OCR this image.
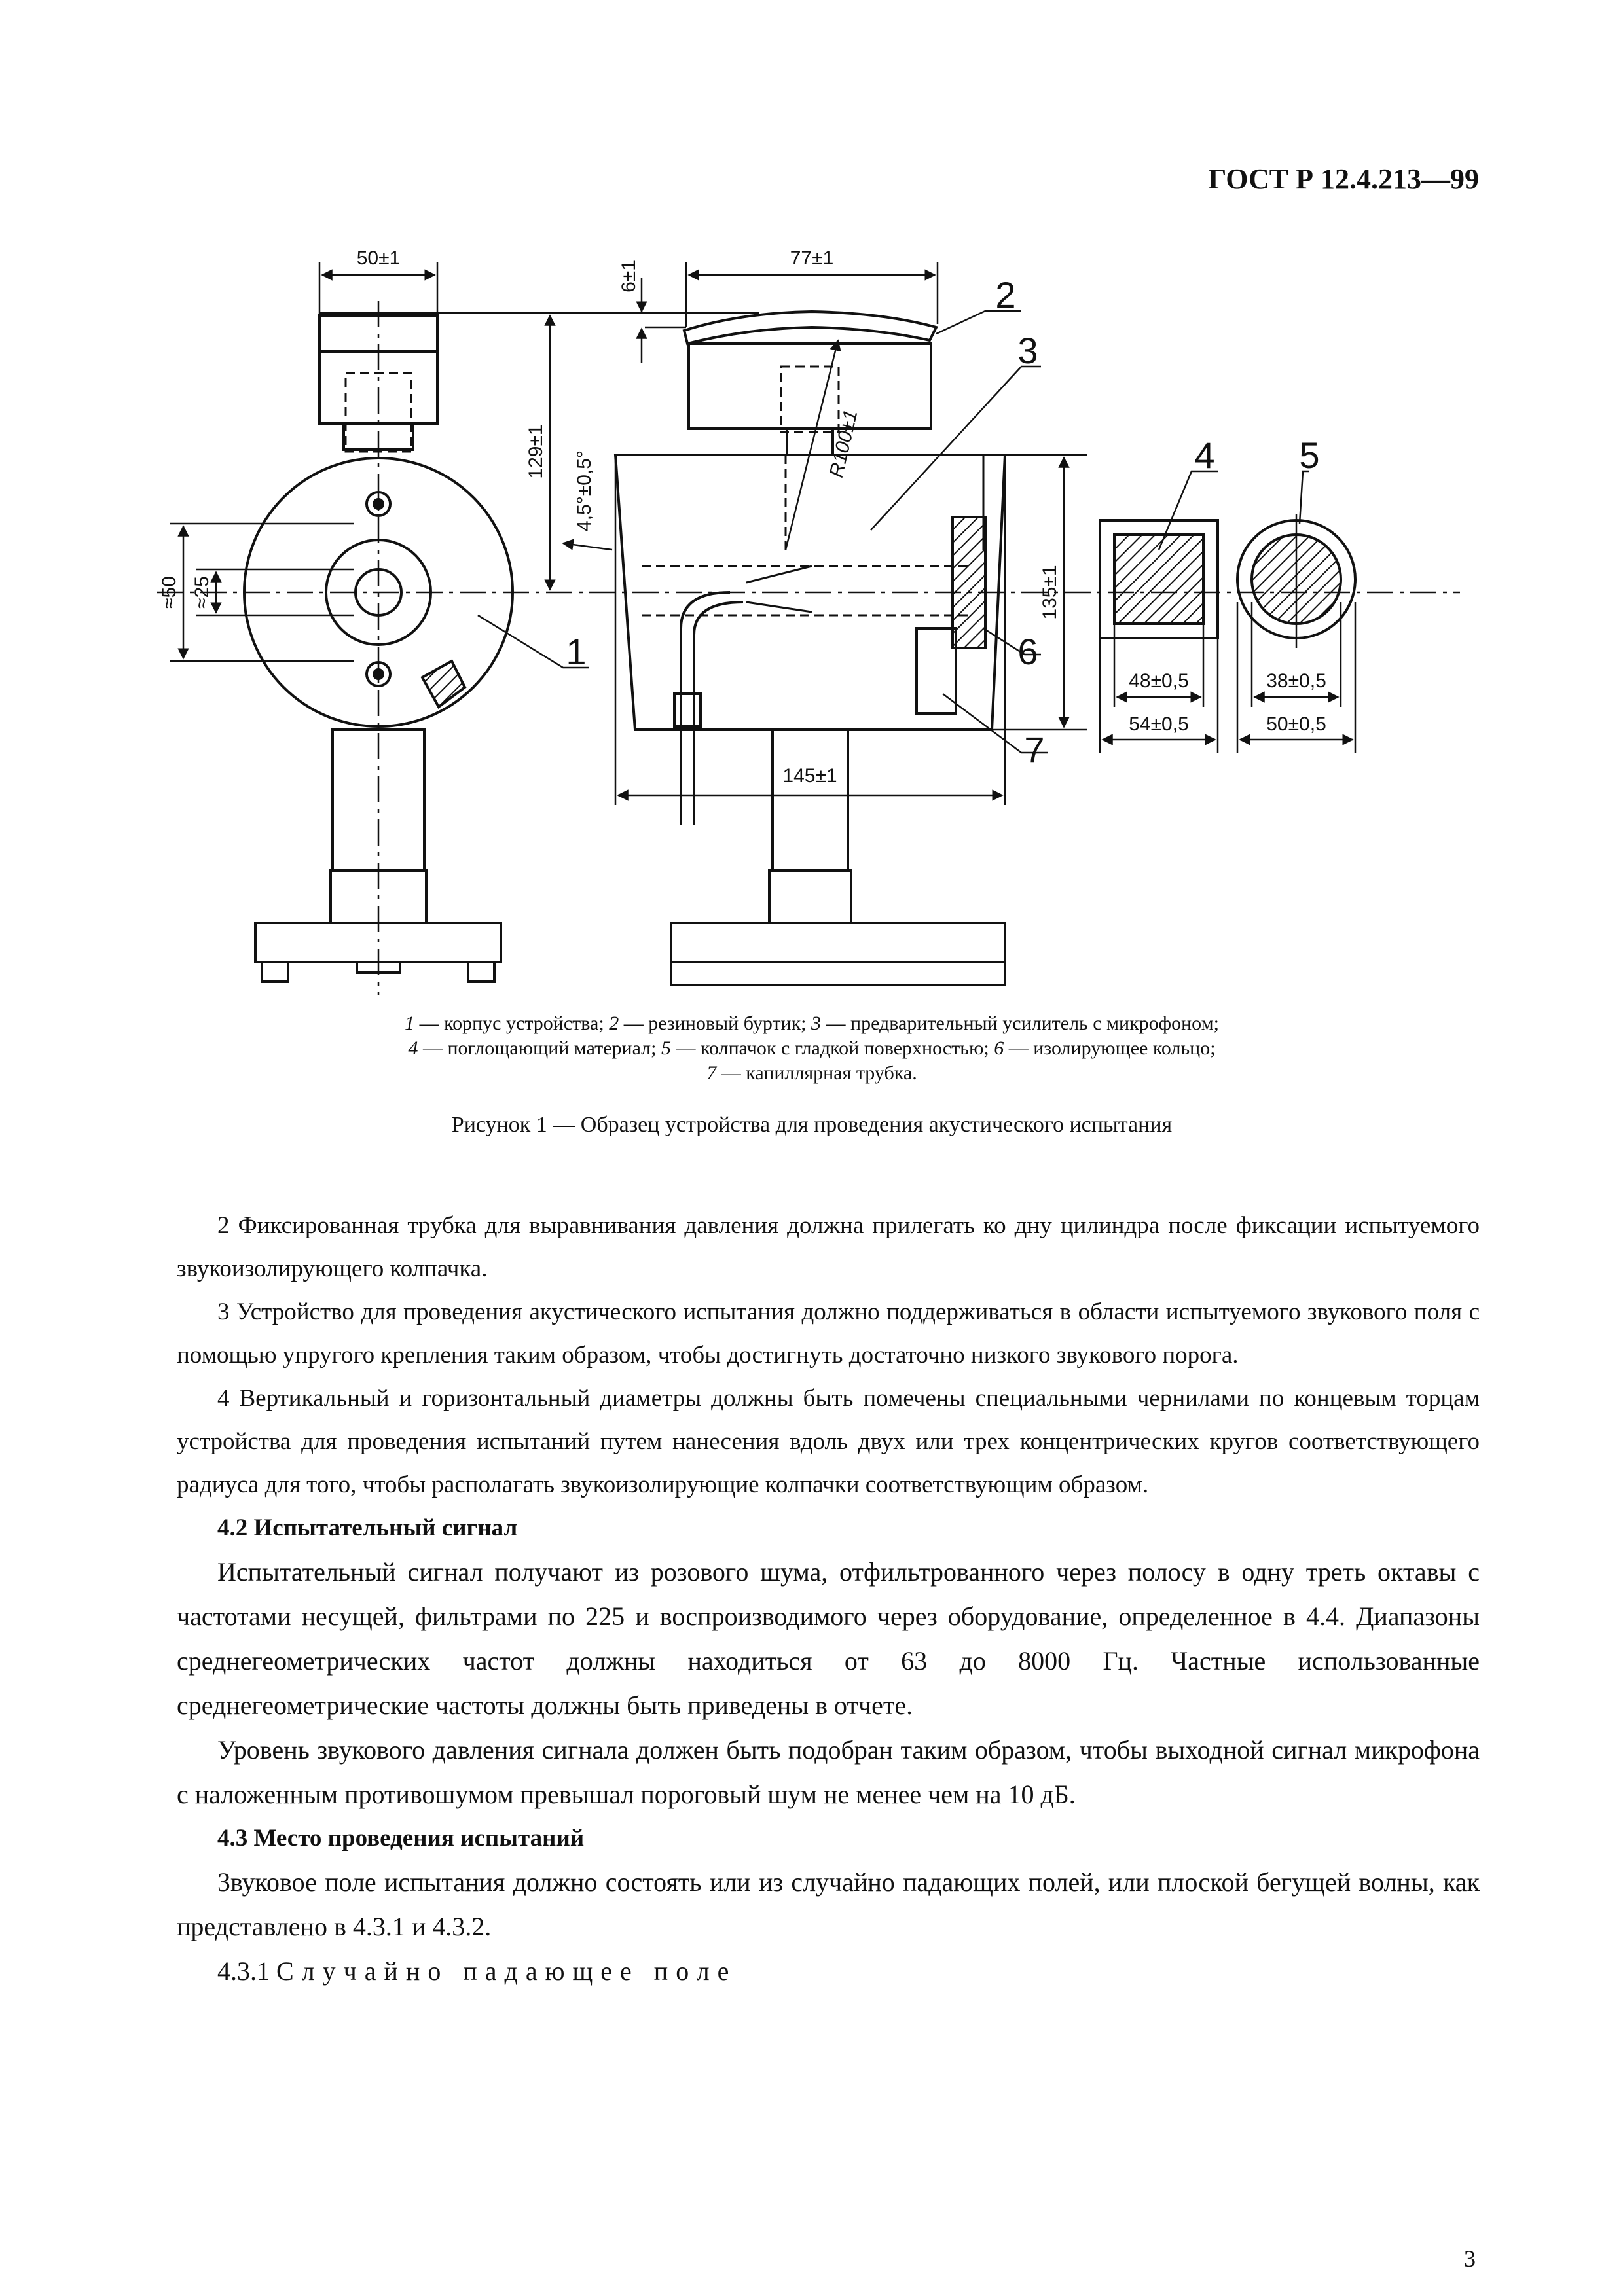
ГОСТ Р 12.4.213—99
50±1	77±1
6±1
129±1 4,5°±0,5°
R100±1
≈50 ≈25	135±1
145±1
48±0,5
54±0,5
38±0,5
50±0,5
1
2
3
4 5
6
7
1 — корпус устройства; 2 — резиновый буртик; 3 — предварительный усилитель с микрофоном;
4 — поглощающий материал; 5 — колпачок с гладкой поверхностью; 6 — изолирующее кольцо;
7 — капиллярная трубка.
Рисунок 1 — Образец устройства для проведения акустического испытания

2 Фиксированная трубка для выравнивания давления должна прилегать ко дну цилиндра после фиксации испытуемого звукоизолирующего колпачка.

3 Устройство для проведения акустического испытания должно поддерживаться в области испытуемого звукового поля с помощью упругого крепления таким образом, чтобы достигнуть достаточно низкого звукового порога.

4 Вертикальный и горизонтальный диаметры должны быть помечены специальными чернилами по концевым торцам устройства для проведения испытаний путем нанесения вдоль двух или трех концентрических кругов соответствующего радиуса для того, чтобы располагать звукоизолирующие колпачки соответствующим образом.

4.2 Испытательный сигнал

Испытательный сигнал получают из розового шума, отфильтрованного через полосу в одну треть октавы с частотами несущей, фильтрами по 225 и воспроизводимого через оборудование, определенное в 4.4. Диапазоны среднегеометрических частот должны находиться от 63 до 8000 Гц. Частные использованные среднегеометрические частоты должны быть приведены в отчете.

Уровень звукового давления сигнала должен быть подобран таким образом, чтобы выходной сигнал микрофона с наложенным противошумом превышал пороговый шум не менее чем на 10 дБ.

4.3 Место проведения испытаний

Звуковое поле испытания должно состоять или из случайно падающих полей, или плоской бегущей волны, как представлено в 4.3.1 и 4.3.2.

4.3.1 Случайно падающее поле

3
